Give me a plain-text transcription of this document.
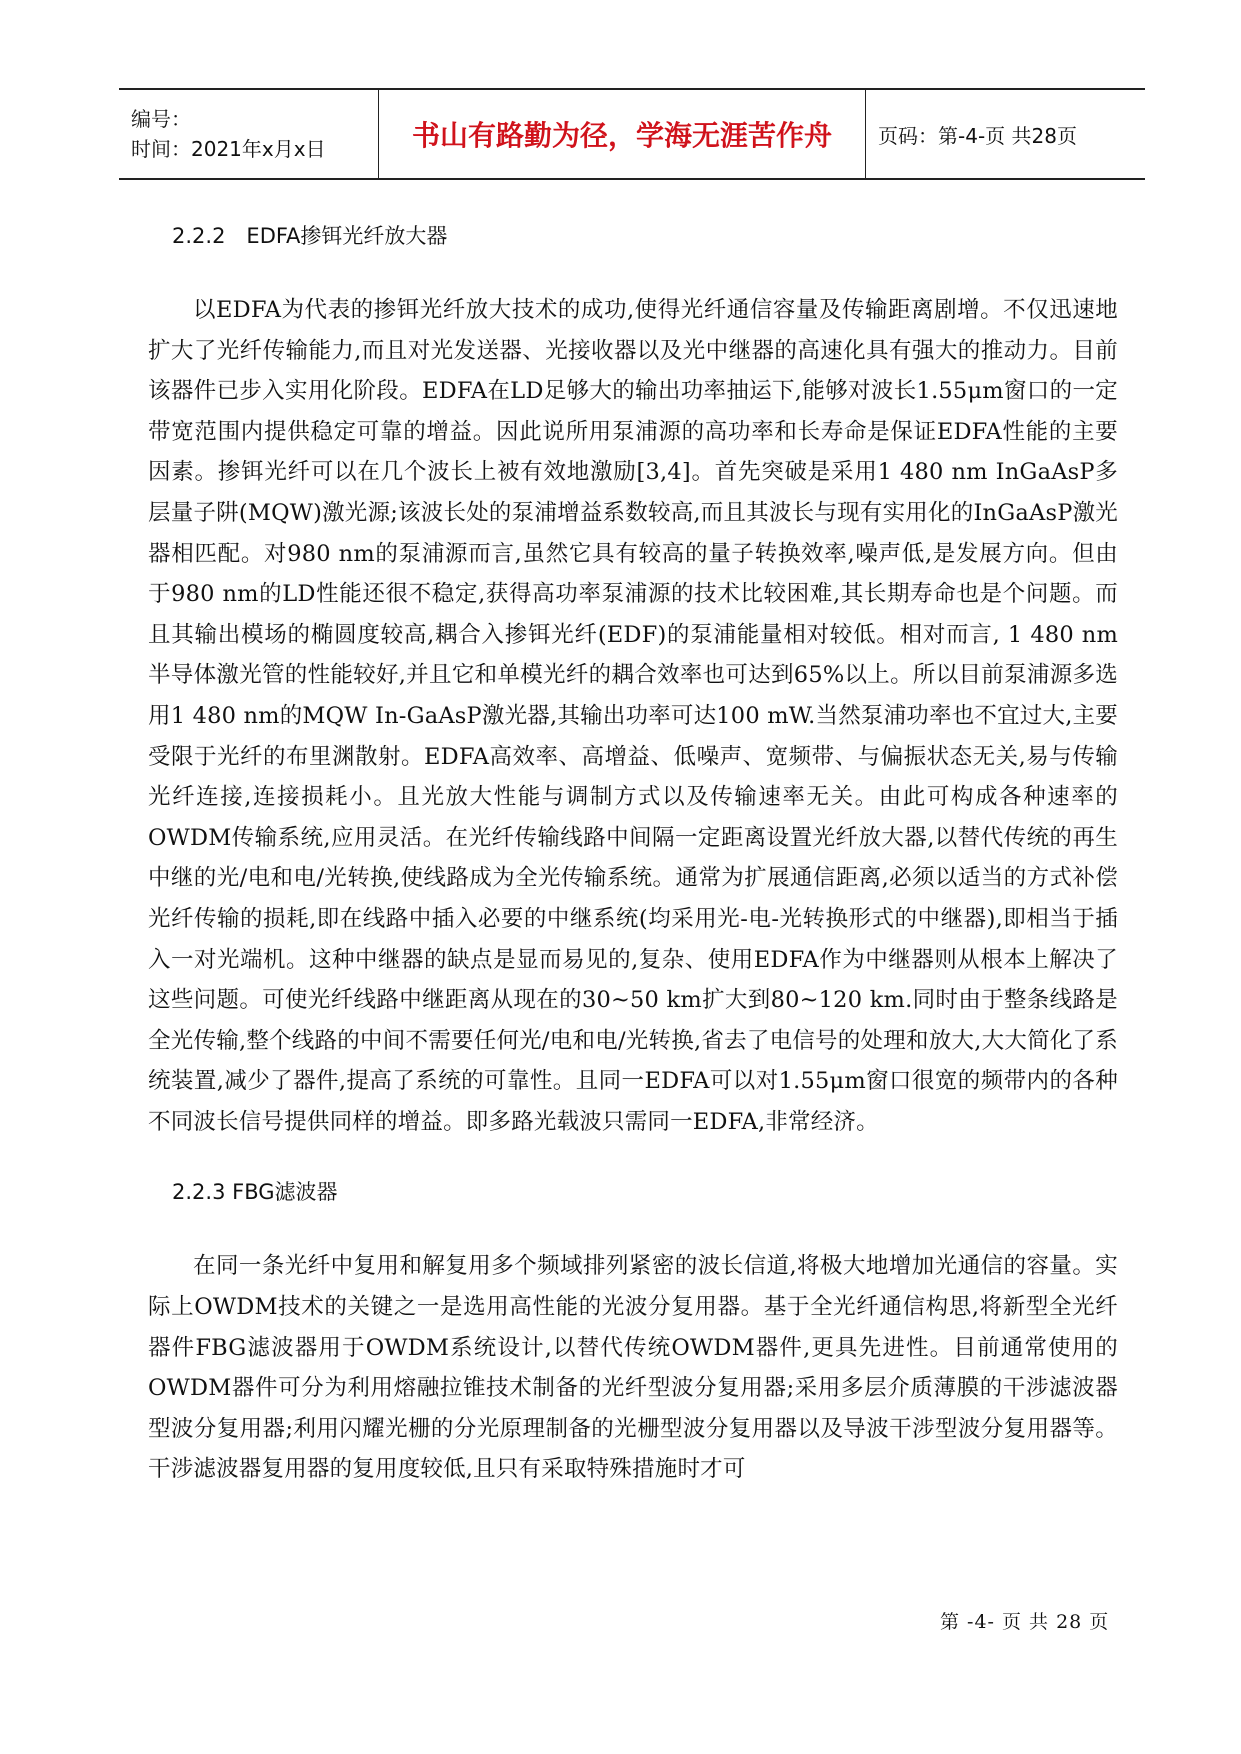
编号：
时间：2021年x月x日	书山有路勤为径，学海无涯苦作舟 页码：第-4-页 共28页
2.2.2　EDFA掺铒光纤放大器

以EDFA为代表的掺铒光纤放大技术的成功,使得光纤通信容量及传输距离剧增。不仅迅速地扩大了光纤传输能力,而且对光发送器、光接收器以及光中继器的高速化具有强大的推动力。目前该器件已步入实用化阶段。EDFA在LD足够大的输出功率抽运下,能够对波长1.55μm窗口的一定带宽范围内提供稳定可靠的增益。因此说所用泵浦源的高功率和长寿命是保证EDFA性能的主要因素。掺铒光纤可以在几个波长上被有效地激励[3,4]。首先突破是采用1 480 nm InGaAsP多层量子阱(MQW)激光源;该波长处的泵浦增益系数较高,而且其波长与现有实用化的InGaAsP激光器相匹配。对980 nm的泵浦源而言,虽然它具有较高的量子转换效率,噪声低,是发展方向。但由于980 nm的LD性能还很不稳定,获得高功率泵浦源的技术比较困难,其长期寿命也是个问题。而且其输出模场的椭圆度较高,耦合入掺铒光纤(EDF)的泵浦能量相对较低。相对而言, 1 480 nm半导体激光管的性能较好,并且它和单模光纤的耦合效率也可达到65%以上。所以目前泵浦源多选用1 480 nm的MQW In-GaAsP激光器,其输出功率可达100 mW.当然泵浦功率也不宜过大,主要受限于光纤的布里渊散射。EDFA高效率、高增益、低噪声、宽频带、与偏振状态无关,易与传输光纤连接,连接损耗小。且光放大性能与调制方式以及传输速率无关。由此可构成各种速率的OWDM传输系统,应用灵活。在光纤传输线路中间隔一定距离设置光纤放大器,以替代传统的再生中继的光/电和电/光转换,使线路成为全光传输系统。通常为扩展通信距离,必须以适当的方式补偿光纤传输的损耗,即在线路中插入必要的中继系统(均采用光-电-光转换形式的中继器),即相当于插入一对光端机。这种中继器的缺点是显而易见的,复杂、使用EDFA作为中继器则从根本上解决了这些问题。可使光纤线路中继距离从现在的30~50 km扩大到80~120 km.同时由于整条线路是全光传输,整个线路的中间不需要任何光/电和电/光转换,省去了电信号的处理和放大,大大简化了系统装置,减少了器件,提高了系统的可靠性。且同一EDFA可以对1.55μm窗口很宽的频带内的各种不同波长信号提供同样的增益。即多路光载波只需同一EDFA,非常经济。

2.2.3 FBG滤波器

在同一条光纤中复用和解复用多个频域排列紧密的波长信道,将极大地增加光通信的容量。实际上OWDM技术的关键之一是选用高性能的光波分复用器。基于全光纤通信构思,将新型全光纤器件FBG滤波器用于OWDM系统设计,以替代传统OWDM器件,更具先进性。目前通常使用的OWDM器件可分为利用熔融拉锥技术制备的光纤型波分复用器;采用多层介质薄膜的干涉滤波器型波分复用器;利用闪耀光栅的分光原理制备的光栅型波分复用器以及导波干涉型波分复用器等。干涉滤波器复用器的复用度较低,且只有采取特殊措施时才可

第 -4- 页 共 28 页
